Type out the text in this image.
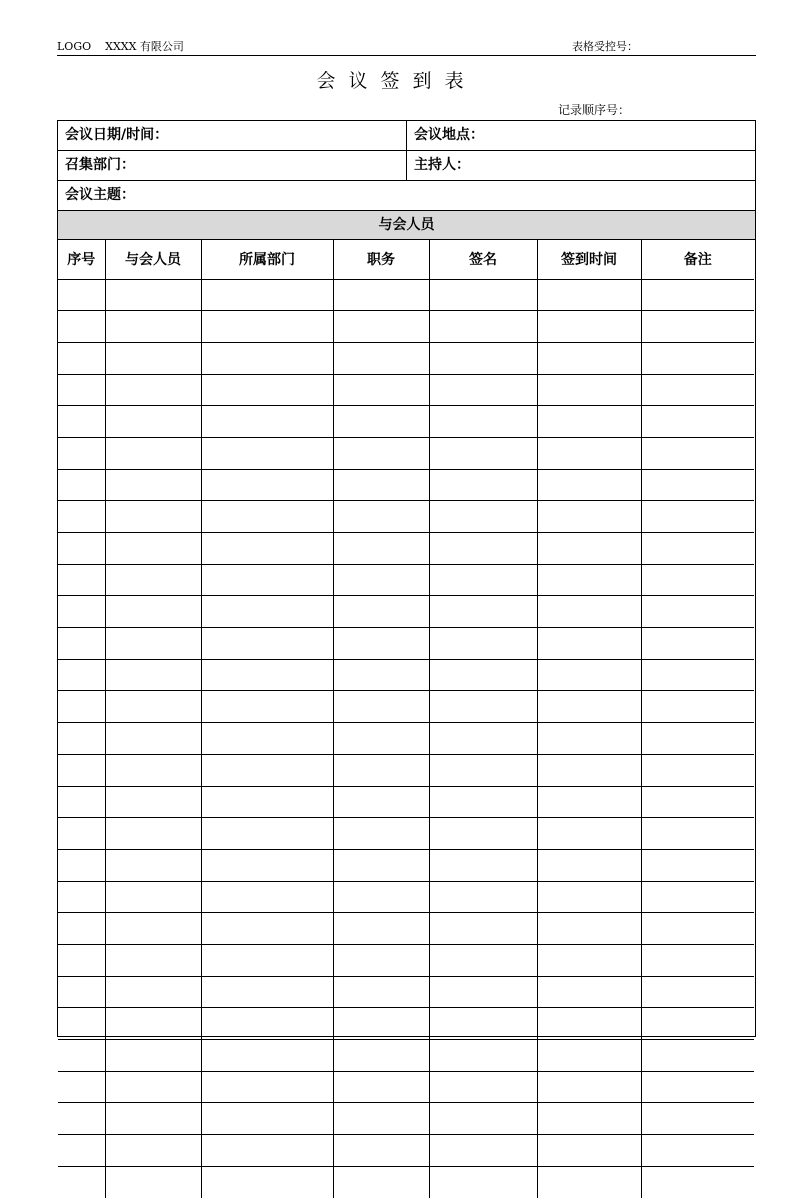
LOGO    XXXX 有限公司	表格受控号：
会议签到表
记录顺序号：
会议日期/时间：	会议地点：
召集部门：	主持人：
会议主题：
与会人员
序号	与会人员	所属部门	职务	签名	签到时间	备注
